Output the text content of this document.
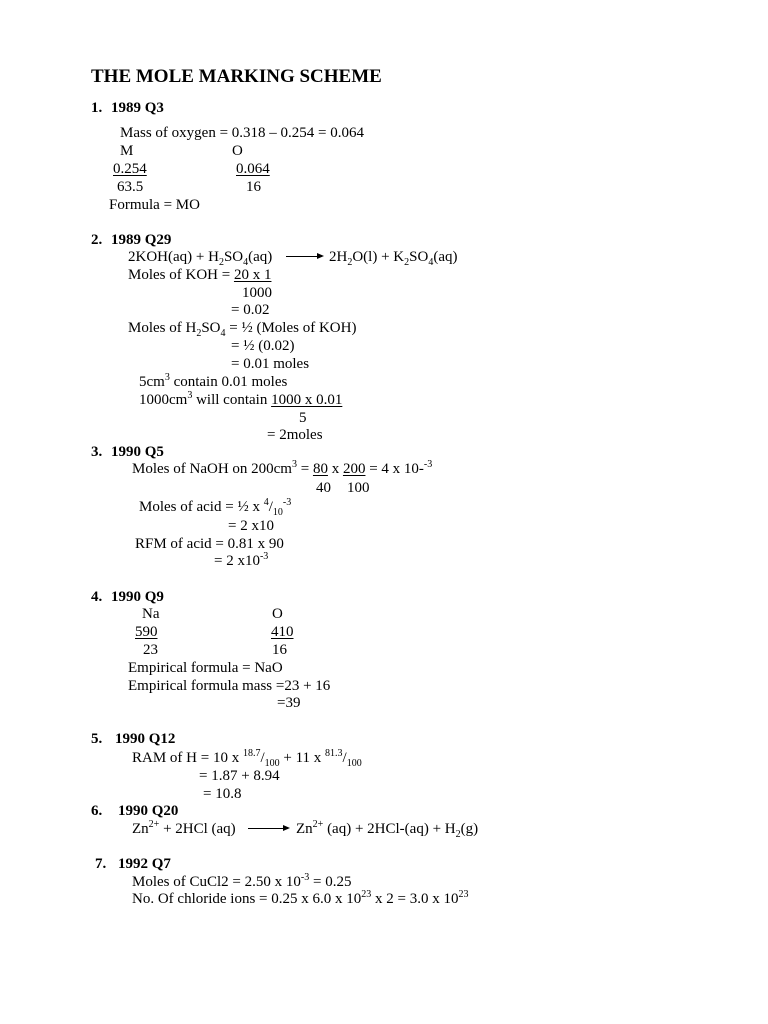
THE MOLE MARKING SCHEME
1. 1989 Q3
Mass of oxygen = 0.318 – 0.254 = 0.064
M	O
0.254
63.5
0.064
16
Formula = MO
2. 1989 Q29
$2KOH(aq) + H_2SO_4(aq) \to 2H_2O(l) + K_2SO_4(aq)$
Moles of KOH = 20 x 1
1000
= 0.02
Moles of $H_2SO_4$ = ½ (Moles of KOH)
= ½ (0.02)
= 0.01 moles
$5cm^3$ contain 0.01 moles
$1000cm^3$ will contain 1000 x 0.01
5
= 2moles
3. 1990 Q5
Moles of NaOH on $200cm^3 = 80$ x 200 = 4 x 10-$^{-3}$
40 100
Moles of acid = ½ x $^4/_{10}^{-3}$
= 2 x10
RFM of acid = 0.81 x 90
= 2 $x10^{-3}$
4. 1990 Q9
Na	O
590
23
410
16
Empirical formula = NaO
Empirical formula mass =23 + 16
=39
5. 1990 Q12
RAM of H = 10 x $^{18.7}/_{100} + 11$ x $^{81.3}/_{100}$
= 1.87 + 8.94
= 10.8
6. 1990 Q20
$Zn^{2+} + 2HCl$ $(aq) \to Zn^{2+}$ $(aq) + 2HCl-(aq) + H_2(g)$
7. 1992 Q7
Moles of CuCl2 = 2.50 x $10^{-3} = 0.25$
No. Of chloride ions = 0.25 x 6.0 x $10^{23}$ x 2 = 3.0 x $10^{23}$
